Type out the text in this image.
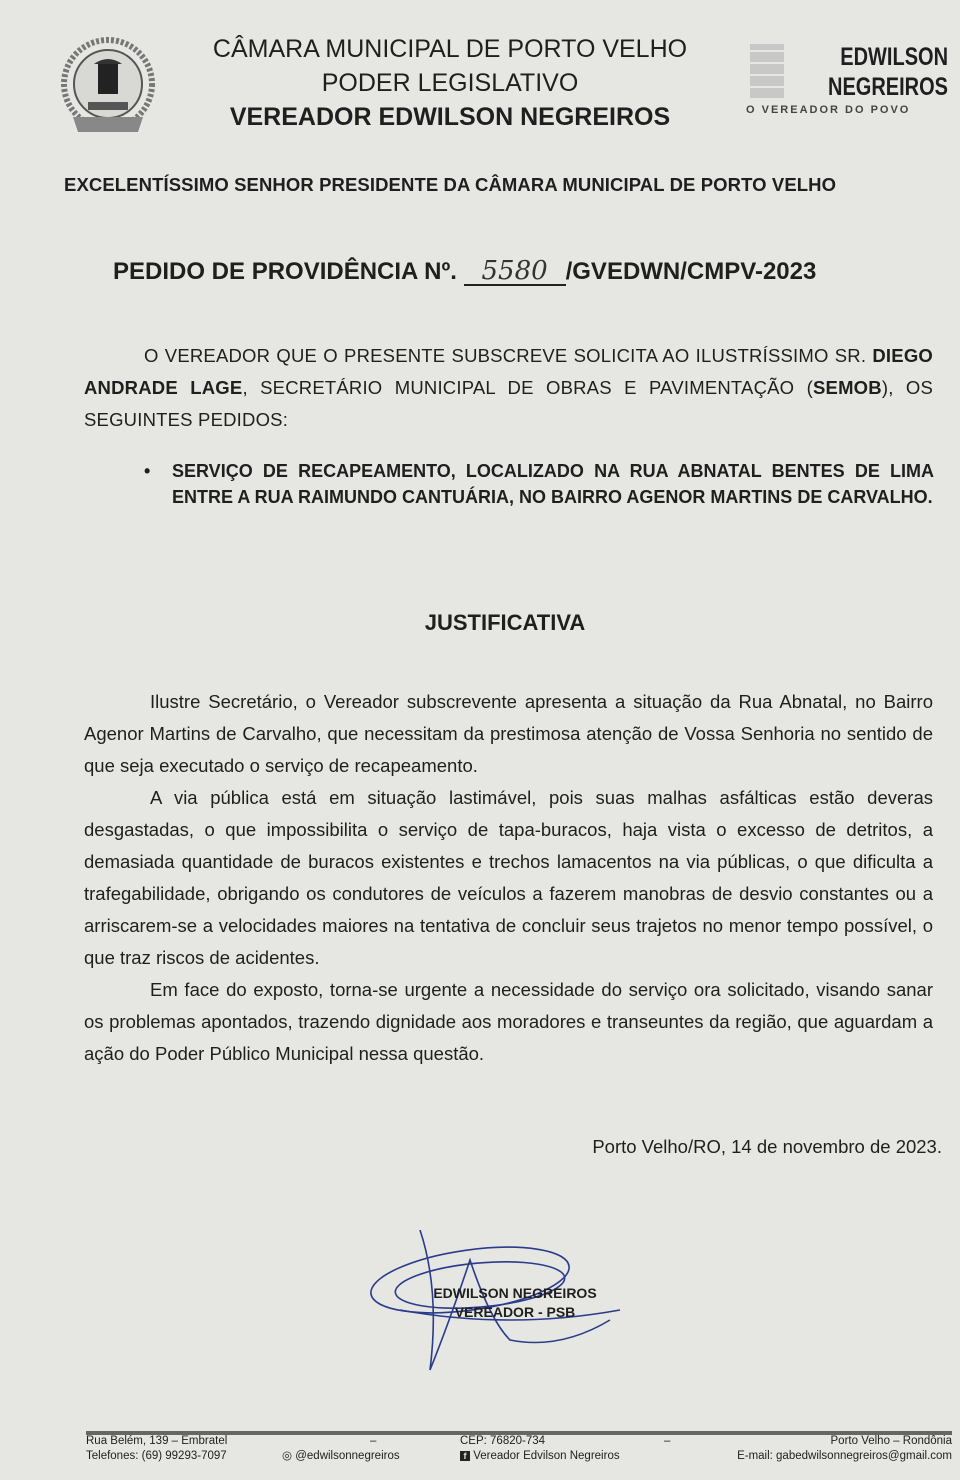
CÂMARA MUNICIPAL DE PORTO VELHO
PODER LEGISLATIVO
VEREADOR EDWILSON NEGREIROS
EDWILSON
NEGREIROS
O VEREADOR DO POVO
EXCELENTÍSSIMO SENHOR PRESIDENTE DA CÂMARA MUNICIPAL DE PORTO VELHO
PEDIDO DE PROVIDÊNCIA Nº. 5580 /GVEDWN/CMPV-2023
O VEREADOR QUE O PRESENTE SUBSCREVE SOLICITA AO ILUSTRÍSSIMO SR. DIEGO ANDRADE LAGE, SECRETÁRIO MUNICIPAL DE OBRAS E PAVIMENTAÇÃO (SEMOB), OS SEGUINTES PEDIDOS:
• SERVIÇO DE RECAPEAMENTO, LOCALIZADO NA RUA ABNATAL BENTES DE LIMA ENTRE A RUA RAIMUNDO CANTUÁRIA, NO BAIRRO AGENOR MARTINS DE CARVALHO.
JUSTIFICATIVA

Ilustre Secretário, o Vereador subscrevente apresenta a situação da Rua Abnatal, no Bairro Agenor Martins de Carvalho, que necessitam da prestimosa atenção de Vossa Senhoria no sentido de que seja executado o serviço de recapeamento.

A via pública está em situação lastimável, pois suas malhas asfálticas estão deveras desgastadas, o que impossibilita o serviço de tapa-buracos, haja vista o excesso de detritos, a demasiada quantidade de buracos existentes e trechos lamacentos na via públicas, o que dificulta a trafegabilidade, obrigando os condutores de veículos a fazerem manobras de desvio constantes ou a arriscarem-se a velocidades maiores na tentativa de concluir seus trajetos no menor tempo possível, o que traz riscos de acidentes.

Em face do exposto, torna-se urgente a necessidade do serviço ora solicitado, visando sanar os problemas apontados, trazendo dignidade aos moradores e transeuntes da região, que aguardam a ação do Poder Público Municipal nessa questão.

Porto Velho/RO, 14 de novembro de 2023.
EDWILSON NEGREIROS
VEREADOR - PSB
Rua Belém, 139 – Embratel
Telefones: (69) 99293-7097
–
◎ @edwilsonnegreiros
CEP: 76820-734
f Vereador Edvilson Negreiros
–	Porto Velho – Rondônia
E-mail: gabedwilsonnegreiros@gmail.com
